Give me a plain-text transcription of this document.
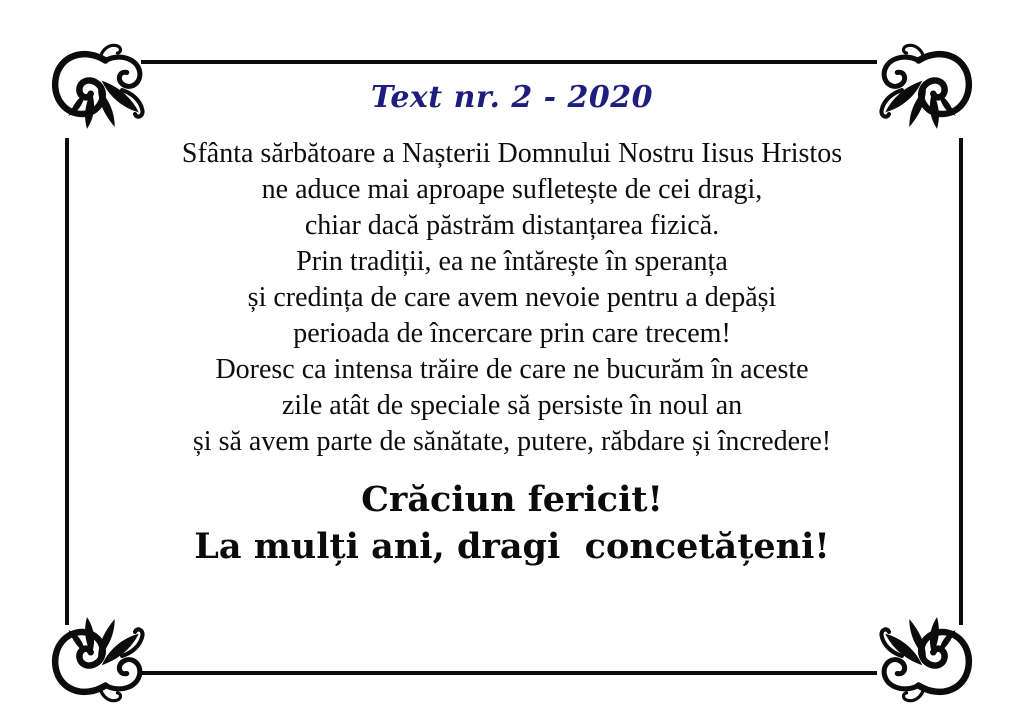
Text nr. 2 - 2020
Sfânta sărbătoare a Nașterii Domnului Nostru Iisus Hristos
ne aduce mai aproape sufletește de cei dragi,
chiar dacă păstrăm distanțarea fizică.
Prin tradiții, ea ne întărește în speranța
și credința de care avem nevoie pentru a depăși
perioada de încercare prin care trecem!
Doresc ca intensa trăire de care ne bucurăm în aceste
zile atât de speciale să persiste în noul an
și să avem parte de sănătate, putere, răbdare și încredere!
Crăciun fericit!
La mulți ani, dragi  concetățeni!
